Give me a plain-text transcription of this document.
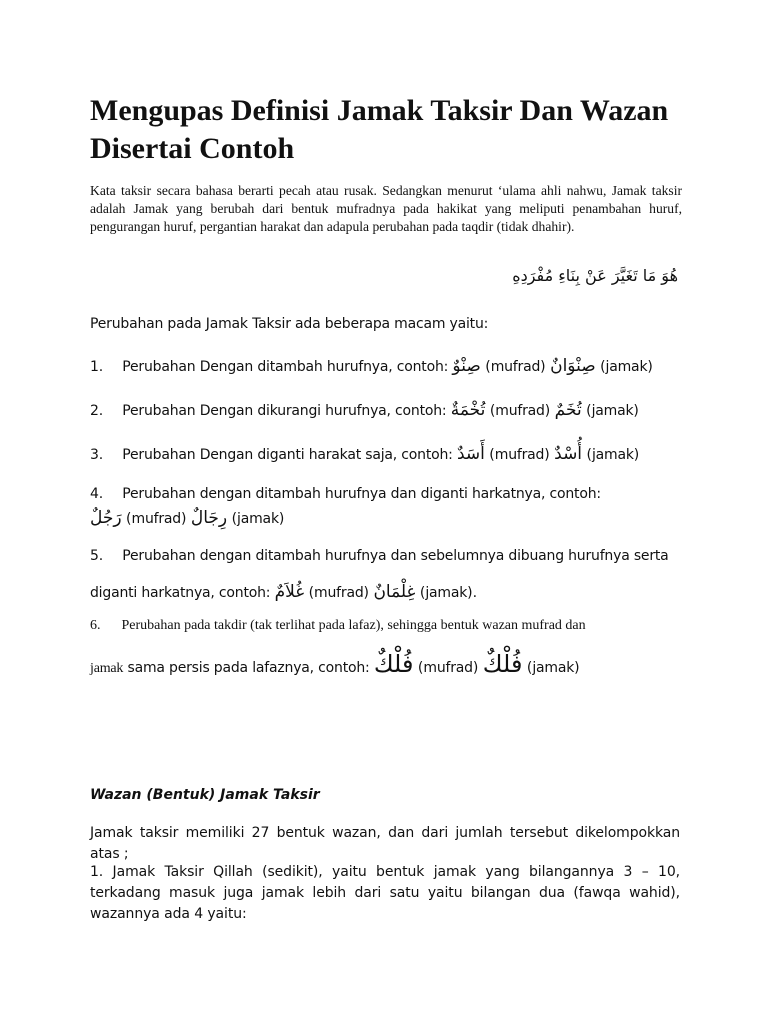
Mengupas Definisi Jamak Taksir Dan Wazan Disertai Contoh

Kata taksir secara bahasa berarti pecah atau rusak. Sedangkan menurut ‘ulama ahli nahwu, Jamak taksir adalah Jamak yang berubah dari bentuk mufradnya pada hakikat yang meliputi penambahan huruf, pengurangan huruf, pergantian harakat dan adapula perubahan pada taqdir (tidak dhahir).

هُوَ مَا تَغَيَّرَ عَنْ بِنَاءِ مُفْرَدِهِ

Perubahan pada Jamak Taksir ada beberapa macam yaitu:

1. Perubahan Dengan ditambah hurufnya, contoh: صِنْوٌ (mufrad) صِنْوَانٌ (jamak)

2. Perubahan Dengan dikurangi hurufnya, contoh: تُخْمَةٌ (mufrad) تُخَمٌ (jamak)

3. Perubahan Dengan diganti harakat saja, contoh: أَسَدٌ (mufrad) أُسْدٌ (jamak)

4. Perubahan dengan ditambah hurufnya dan diganti harkatnya, contoh:

رَجُلٌ (mufrad) رِجَالٌ (jamak)

5. Perubahan dengan ditambah hurufnya dan sebelumnya dibuang hurufnya serta

diganti harkatnya, contoh: غُلاَمٌ (mufrad) غِلْمَانٌ (jamak).

6. Perubahan pada takdir (tak terlihat pada lafaz), sehingga bentuk wazan mufrad dan

jamak sama persis pada lafaznya, contoh: فُلْكٌ (mufrad) فُلْكٌ (jamak)

Wazan (Bentuk) Jamak Taksir

Jamak taksir memiliki 27 bentuk wazan, dan dari jumlah tersebut dikelompokkan atas ;

1. Jamak Taksir Qillah (sedikit), yaitu bentuk jamak yang bilangannya 3 – 10, terkadang masuk juga jamak lebih dari satu yaitu bilangan dua (fawqa wahid), wazannya ada 4 yaitu:
